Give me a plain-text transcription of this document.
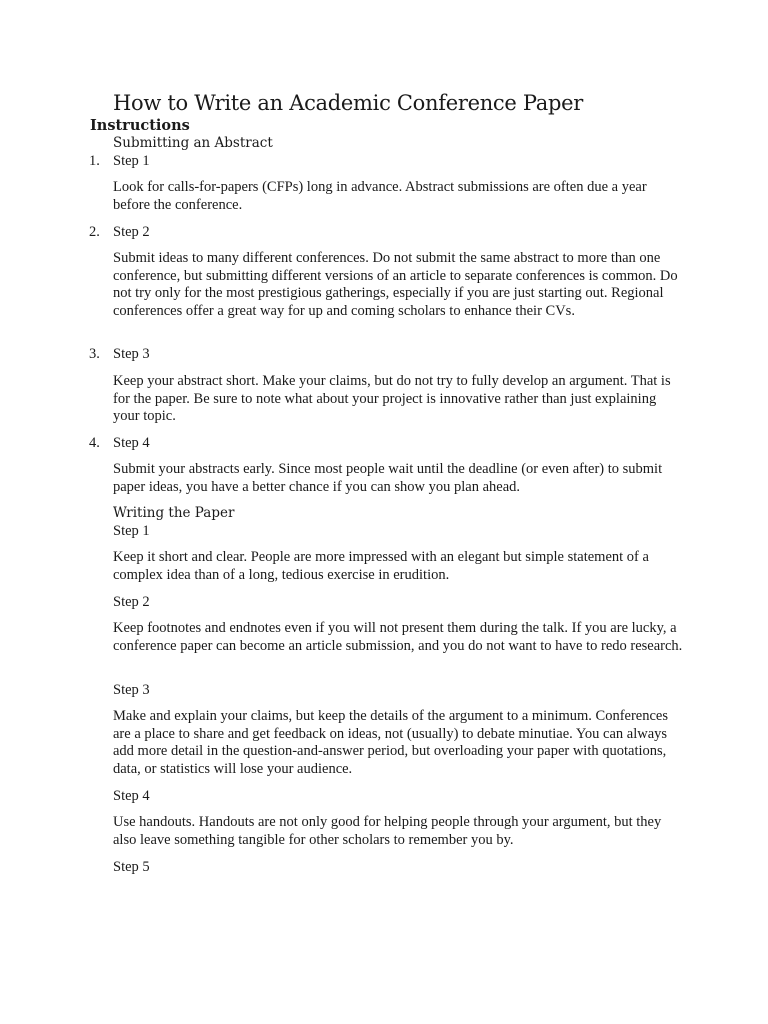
How to Write an Academic Conference Paper
Instructions
Submitting an Abstract
1. Step 1
Look for calls-for-papers (CFPs) long in advance. Abstract submissions are often due a year before the conference.
2. Step 2
Submit ideas to many different conferences. Do not submit the same abstract to more than one conference, but submitting different versions of an article to separate conferences is common. Do not try only for the most prestigious gatherings, especially if you are just starting out. Regional conferences offer a great way for up and coming scholars to enhance their CVs.
3. Step 3
Keep your abstract short. Make your claims, but do not try to fully develop an argument. That is for the paper. Be sure to note what about your project is innovative rather than just explaining your topic.
4. Step 4
Submit your abstracts early. Since most people wait until the deadline (or even after) to submit paper ideas, you have a better chance if you can show you plan ahead.
Writing the Paper
Step 1
Keep it short and clear. People are more impressed with an elegant but simple statement of a complex idea than of a long, tedious exercise in erudition.
Step 2
Keep footnotes and endnotes even if you will not present them during the talk. If you are lucky, a conference paper can become an article submission, and you do not want to have to redo research.
Step 3
Make and explain your claims, but keep the details of the argument to a minimum. Conferences are a place to share and get feedback on ideas, not (usually) to debate minutiae. You can always add more detail in the question-and-answer period, but overloading your paper with quotations, data, or statistics will lose your audience.
Step 4
Use handouts. Handouts are not only good for helping people through your argument, but they also leave something tangible for other scholars to remember you by.
Step 5
